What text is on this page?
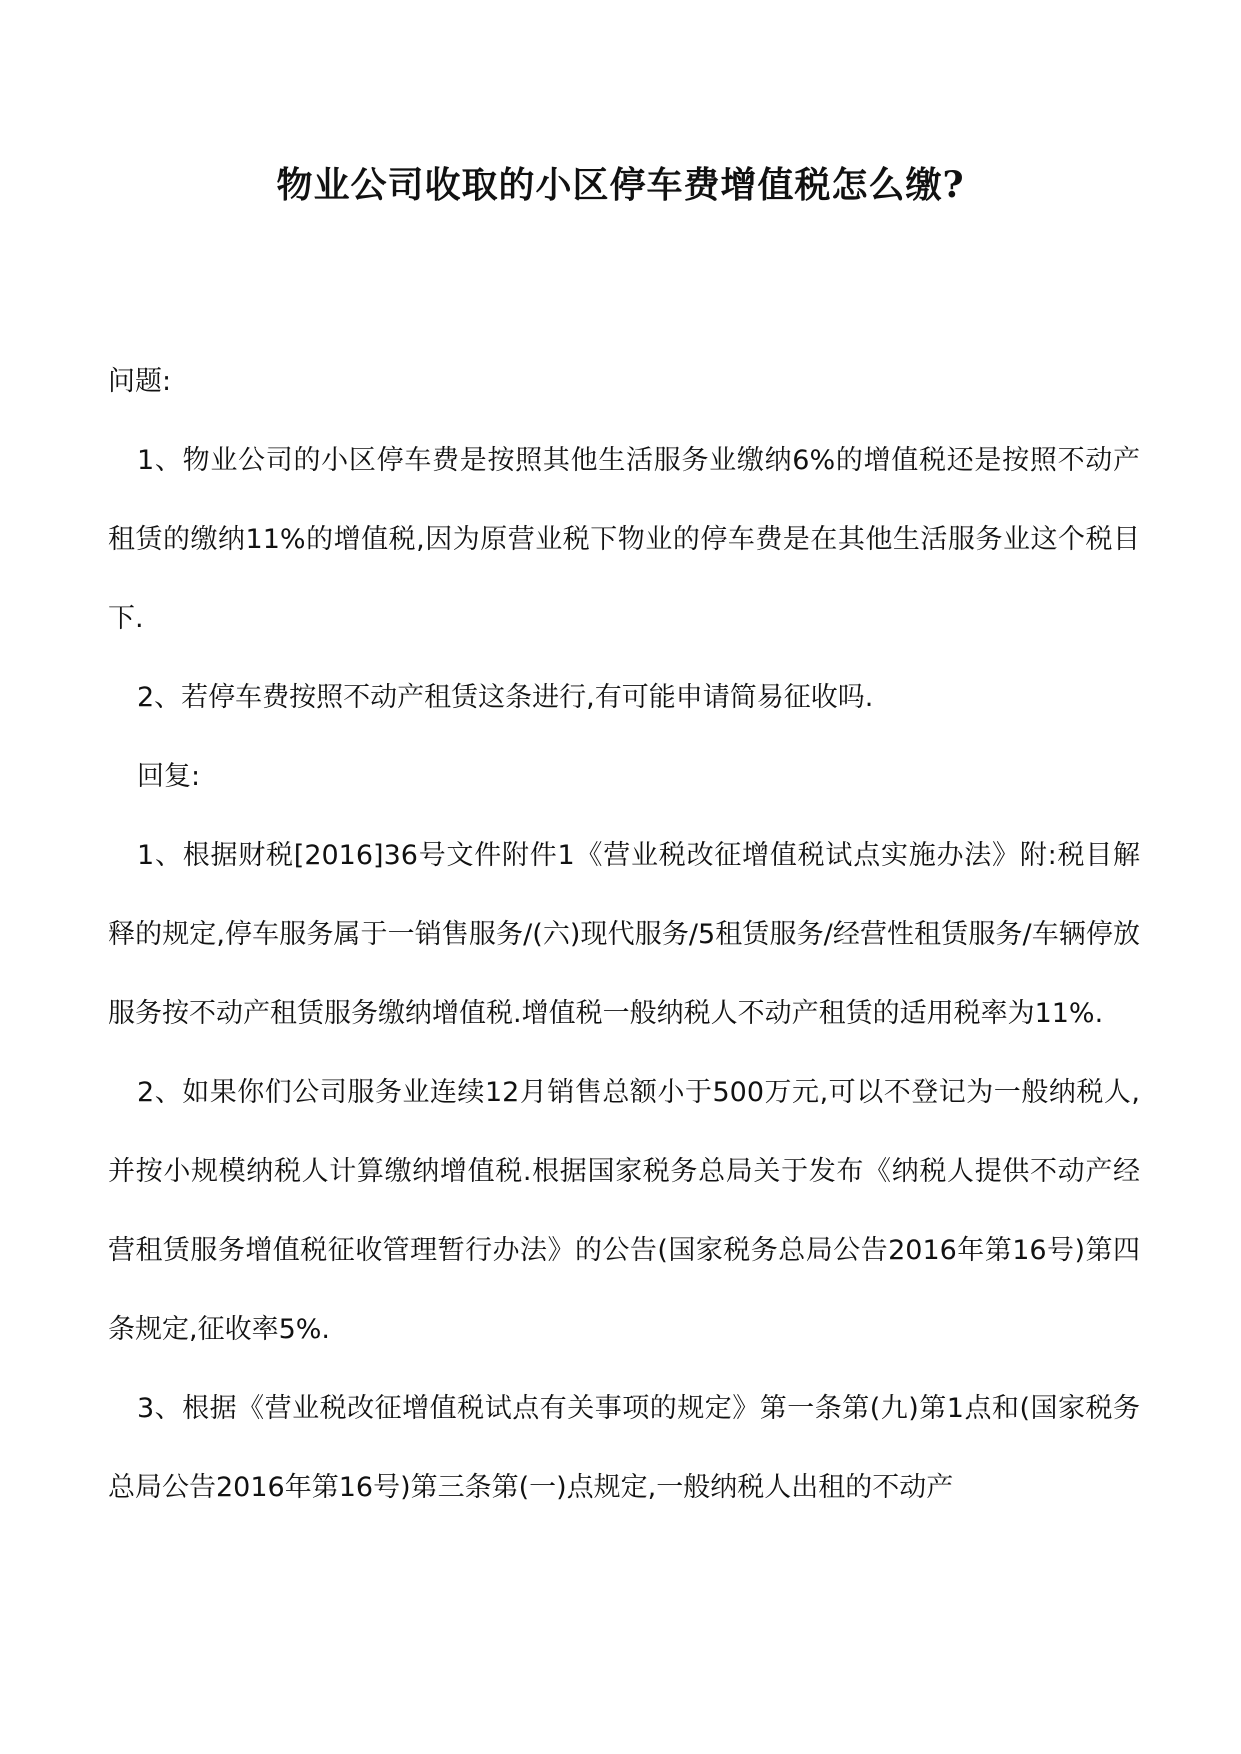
物业公司收取的小区停车费增值税怎么缴?

问题:

1、物业公司的小区停车费是按照其他生活服务业缴纳6%的增值税还是按照不动产租赁的缴纳11%的增值税,因为原营业税下物业的停车费是在其他生活服务业这个税目下.

2、若停车费按照不动产租赁这条进行,有可能申请简易征收吗.

回复:

1、根据财税[2016]36号文件附件1《营业税改征增值税试点实施办法》附:税目解释的规定,停车服务属于一销售服务/(六)现代服务/5租赁服务/经营性租赁服务/车辆停放服务按不动产租赁服务缴纳增值税.增值税一般纳税人不动产租赁的适用税率为11%.

2、如果你们公司服务业连续12月销售总额小于500万元,可以不登记为一般纳税人,并按小规模纳税人计算缴纳增值税.根据国家税务总局关于发布《纳税人提供不动产经营租赁服务增值税征收管理暂行办法》的公告(国家税务总局公告2016年第16号)第四条规定,征收率5%.

3、根据《营业税改征增值税试点有关事项的规定》第一条第(九)第1点和(国家税务总局公告2016年第16号)第三条第(一)点规定,一般纳税人出租的不动产
